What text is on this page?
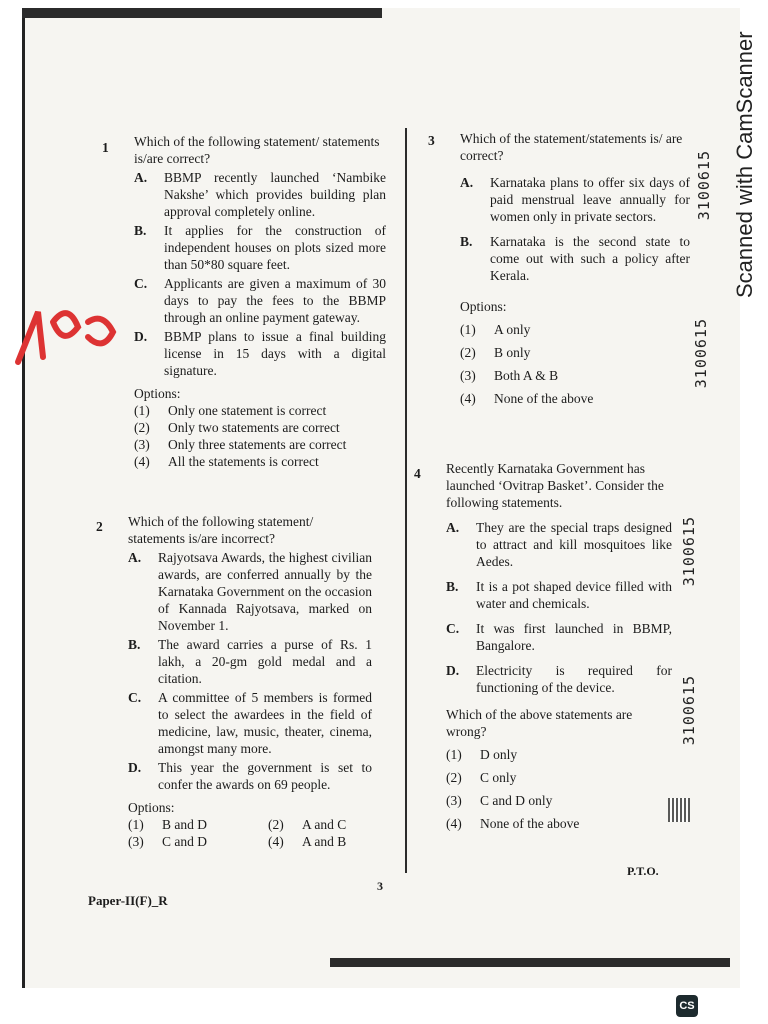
1 Which of the following statement/ statements is/are correct?
A.	BBMP recently launched ‘Nambike Nakshe’ which provides building plan approval completely online.
B.	It applies for the construction of independent houses on plots sized more than 50*80 square feet.
C.	Applicants are given a maximum of 30 days to pay the fees to the BBMP through an online payment gateway.
D.	BBMP plans to issue a final building license in 15 days with a digital signature.
Options:
(1)	Only one statement is correct
(2)	Only two statements are correct
(3)	Only three statements are correct
(4)	All the statements is correct
2 Which of the following statement/ statements is/are incorrect?
A.	Rajyotsava Awards, the highest civilian awards, are conferred annually by the Karnataka Government on the occasion of Kannada Rajyotsava, marked on November 1.
B.	The award carries a purse of Rs. 1 lakh, a 20-gm gold medal and a citation.
C.	A committee of 5 members is formed to select the awardees in the field of medicine, law, music, theater, cinema, amongst many more.
D.	This year the government is set to confer the awards on 69 people.
Options:
(1)	B and D	(2)	A and C
(3)	C and D	(4)	A and B
3 Which of the statement/statements is/ are correct?
A.	Karnataka plans to offer six days of paid menstrual leave annually for women only in private sectors.
B.	Karnataka is the second state to come out with such a policy after Kerala.
Options:
(1)	A only
(2)	B only
(3)	Both A & B
(4)	None of the above
4 Recently Karnataka Government has launched ‘Ovitrap Basket’. Consider the following statements.
A.	They are the special traps designed to attract and kill mosquitoes like Aedes.
B.	It is a pot shaped device filled with water and chemicals.
C.	It was first launched in BBMP, Bangalore.
D.	Electricity is required for functioning of the device.
Which of the above statements are wrong?
(1)	D only
(2)	C only
(3)	C and D only
(4)	None of the above
3100615
3100615
3100615
3100615
Scanned with CamScanner
3
P.T.O.
Paper-II(F)_R
CS
